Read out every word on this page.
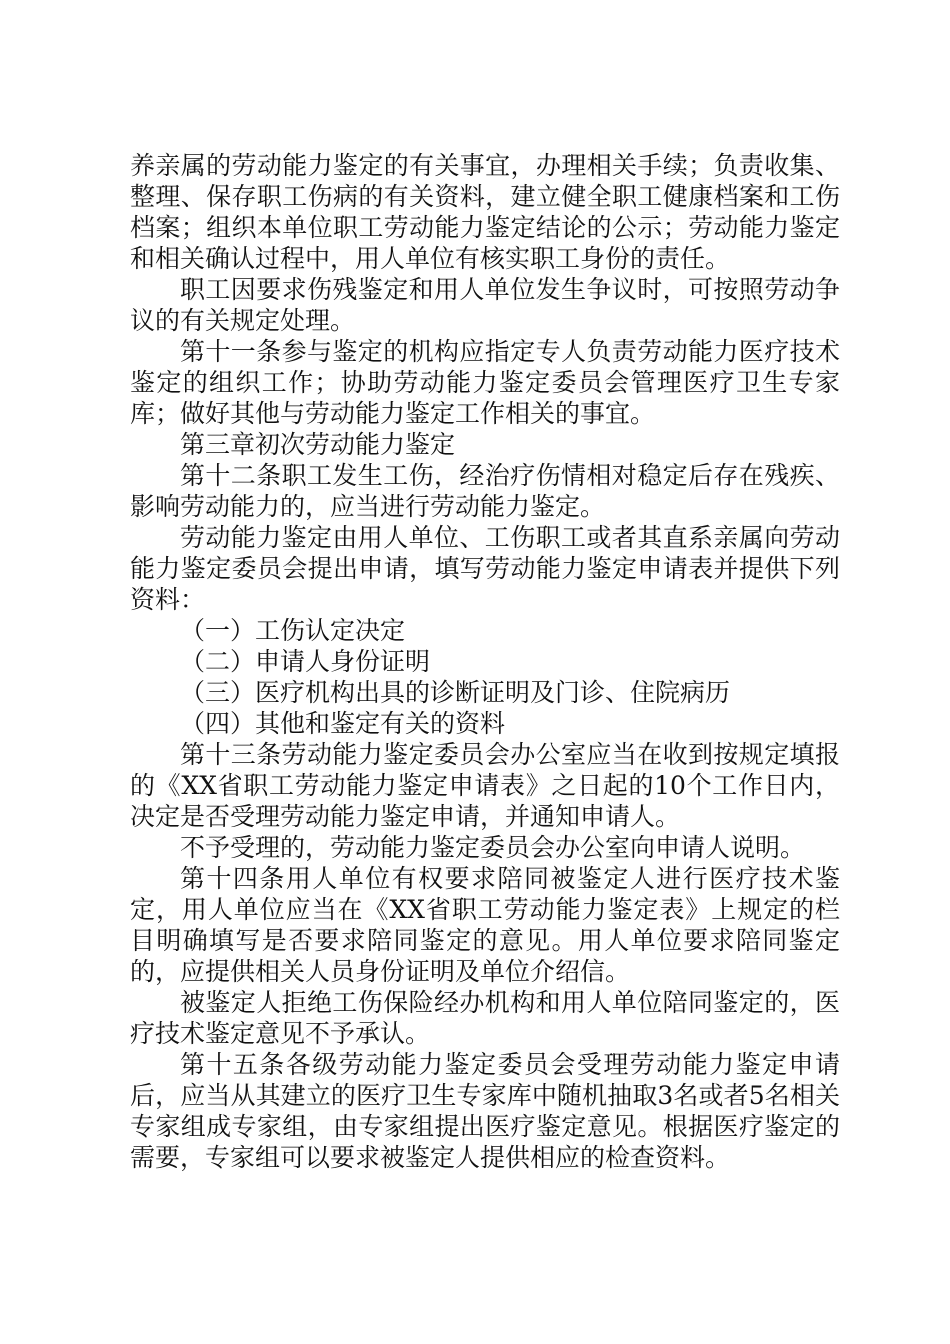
养亲属的劳动能力鉴定的有关事宜，办理相关手续；负责收集、整理、保存职工伤病的有关资料，建立健全职工健康档案和工伤档案；组织本单位职工劳动能力鉴定结论的公示；劳动能力鉴定和相关确认过程中，用人单位有核实职工身份的责任。

职工因要求伤残鉴定和用人单位发生争议时，可按照劳动争议的有关规定处理。

第十一条参与鉴定的机构应指定专人负责劳动能力医疗技术鉴定的组织工作；协助劳动能力鉴定委员会管理医疗卫生专家库；做好其他与劳动能力鉴定工作相关的事宜。

第三章初次劳动能力鉴定

第十二条职工发生工伤，经治疗伤情相对稳定后存在残疾、影响劳动能力的，应当进行劳动能力鉴定。

劳动能力鉴定由用人单位、工伤职工或者其直系亲属向劳动能力鉴定委员会提出申请，填写劳动能力鉴定申请表并提供下列资料：

（一）工伤认定决定

（二）申请人身份证明

（三）医疗机构出具的诊断证明及门诊、住院病历

（四）其他和鉴定有关的资料

第十三条劳动能力鉴定委员会办公室应当在收到按规定填报的《XX省职工劳动能力鉴定申请表》之日起的10个工作日内，决定是否受理劳动能力鉴定申请，并通知申请人。

不予受理的，劳动能力鉴定委员会办公室向申请人说明。

第十四条用人单位有权要求陪同被鉴定人进行医疗技术鉴定，用人单位应当在《XX省职工劳动能力鉴定表》上规定的栏目明确填写是否要求陪同鉴定的意见。用人单位要求陪同鉴定的，应提供相关人员身份证明及单位介绍信。

被鉴定人拒绝工伤保险经办机构和用人单位陪同鉴定的，医疗技术鉴定意见不予承认。

第十五条各级劳动能力鉴定委员会受理劳动能力鉴定申请后，应当从其建立的医疗卫生专家库中随机抽取3名或者5名相关专家组成专家组，由专家组提出医疗鉴定意见。根据医疗鉴定的需要，专家组可以要求被鉴定人提供相应的检查资料。
